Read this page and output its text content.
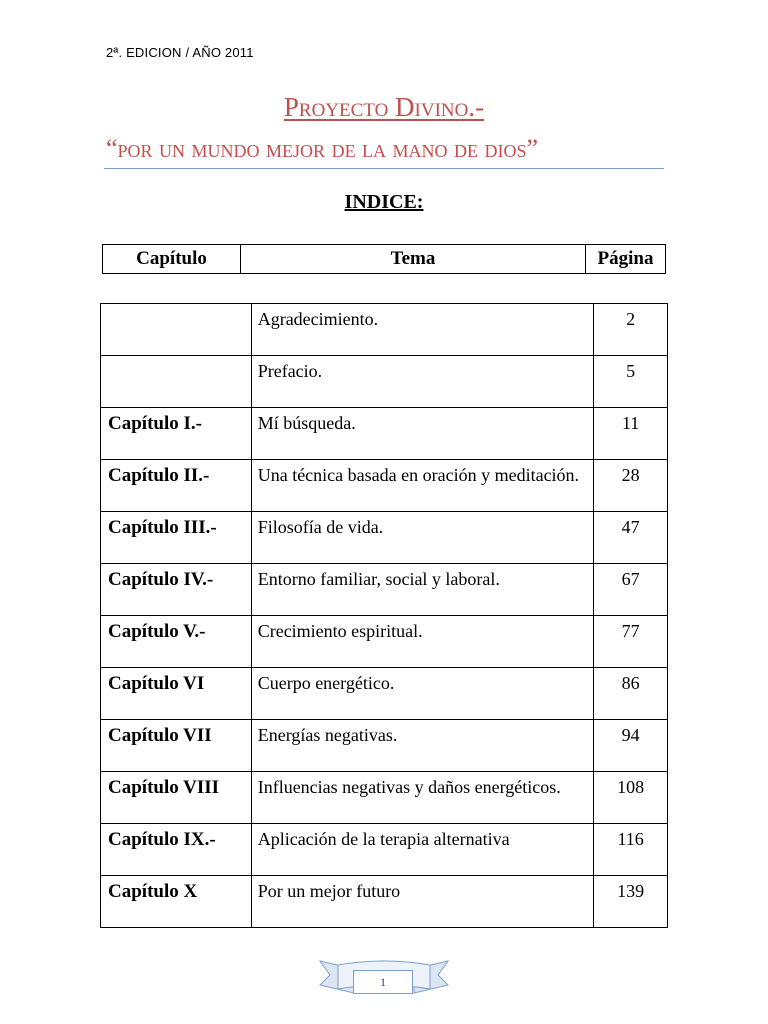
2ª. EDICION / AÑO 2011
Proyecto Divino.-
“por un mundo mejor de la mano de dios”
INDICE:
Capítulo	Tema	Página
	Agradecimiento.	2
	Prefacio.	5
Capítulo I.-	Mí búsqueda.	11
Capítulo II.-	Una técnica basada en oración y meditación.	28
Capítulo III.-	Filosofía de vida.	47
Capítulo IV.-	Entorno familiar, social y laboral.	67
Capítulo V.-	Crecimiento espiritual.	77
Capítulo VI	Cuerpo energético.	86
Capítulo VII	Energías negativas.	94
Capítulo VIII	Influencias negativas y daños energéticos.	108
Capítulo IX.-	Aplicación de la terapia alternativa	116
Capítulo X	Por un mejor futuro	139
1
